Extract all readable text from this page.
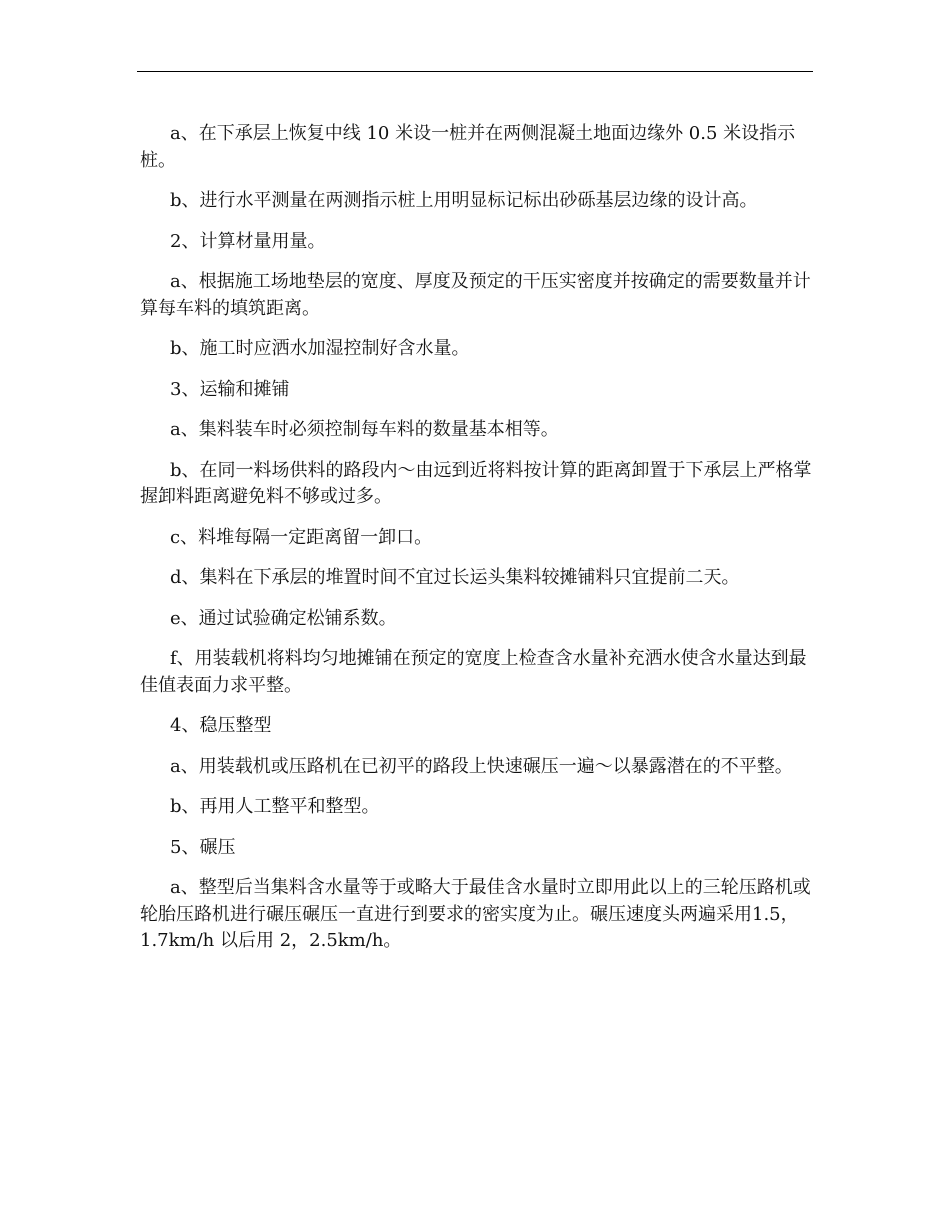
a、在下承层上恢复中线 10 米设一桩并在两侧混凝土地面边缘外 0.5 米设指示桩。

b、进行水平测量在两测指示桩上用明显标记标出砂砾基层边缘的设计高。

2、计算材量用量。

a、根据施工场地垫层的宽度、厚度及预定的干压实密度并按确定的需要数量并计算每车料的填筑距离。

b、施工时应洒水加湿控制好含水量。

3、运输和摊铺

a、集料装车时必须控制每车料的数量基本相等。

b、在同一料场供料的路段内～由远到近将料按计算的距离卸置于下承层上严格掌握卸料距离避免料不够或过多。

c、料堆每隔一定距离留一卸口。

d、集料在下承层的堆置时间不宜过长运头集料较摊铺料只宜提前二天。

e、通过试验确定松铺系数。

f、用装载机将料均匀地摊铺在预定的宽度上检查含水量补充洒水使含水量达到最佳值表面力求平整。

4、稳压整型

a、用装载机或压路机在已初平的路段上快速碾压一遍～以暴露潜在的不平整。

b、再用人工整平和整型。

5、碾压

a、整型后当集料含水量等于或略大于最佳含水量时立即用此以上的三轮压路机或轮胎压路机进行碾压碾压一直进行到要求的密实度为止。碾压速度头两遍采用1.5，1.7km/h 以后用 2，2.5km/h。
